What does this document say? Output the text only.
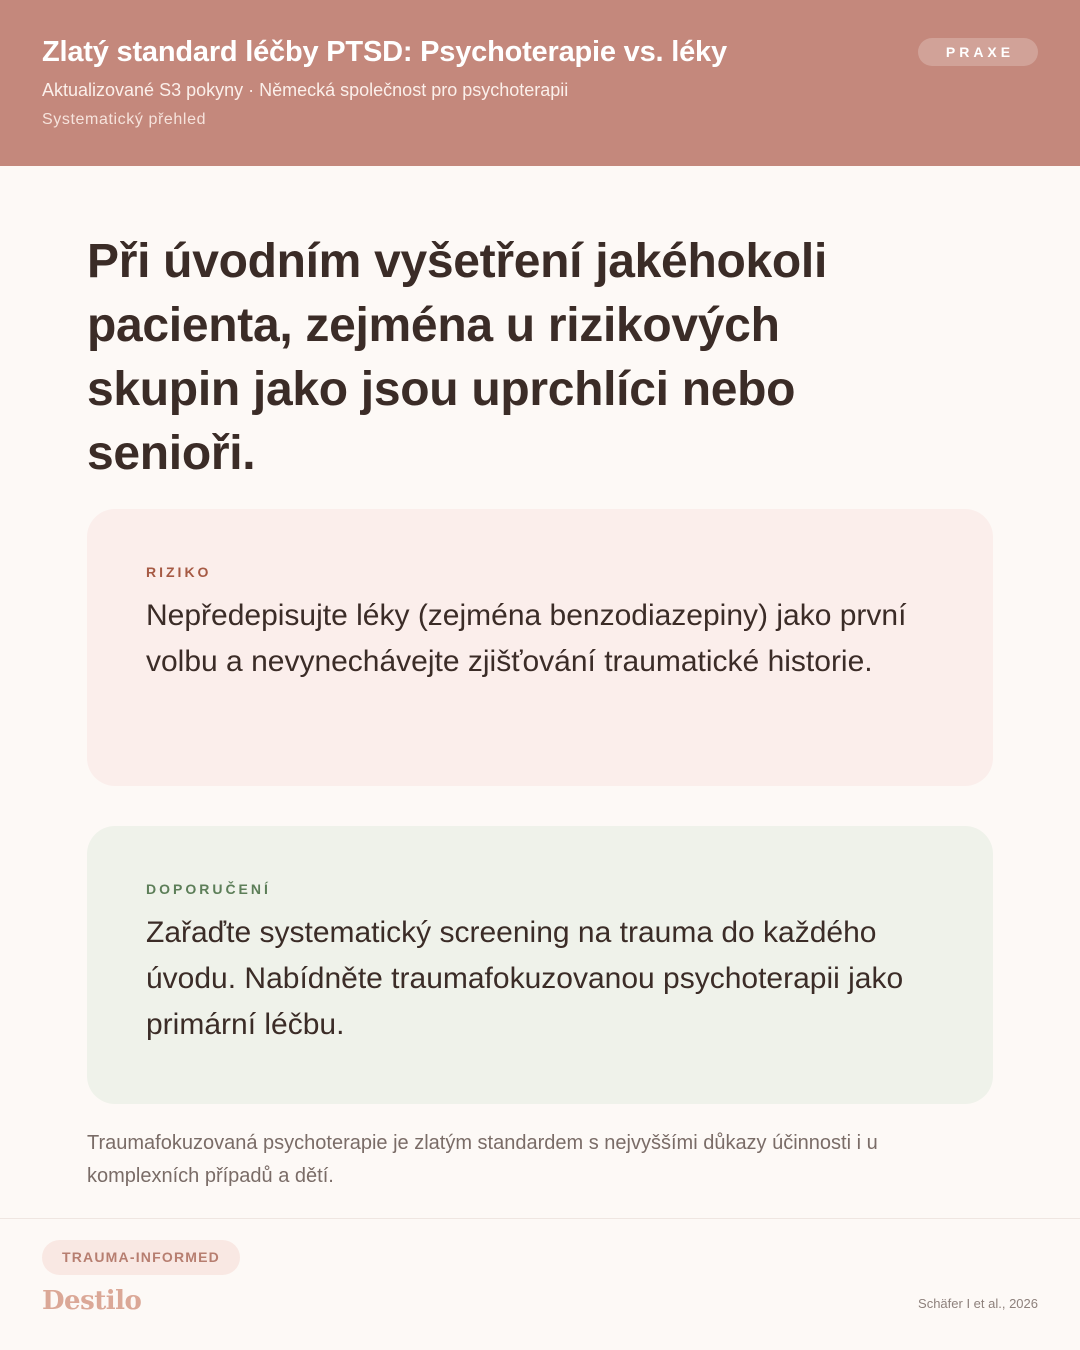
Zlatý standard léčby PTSD: Psychoterapie vs. léky
Aktualizované S3 pokyny · Německá společnost pro psychoterapii
Systematický přehled
PRAXE
Při úvodním vyšetření jakéhokoli pacienta, zejména u rizikových skupin jako jsou uprchlíci nebo senioři.
RIZIKO
Nepředepisujte léky (zejména benzodiazepiny) jako první volbu a nevynechávejte zjišťování traumatické historie.
DOPORUČENÍ
Zařaďte systematický screening na trauma do každého úvodu. Nabídněte traumafokuzovanou psychoterapii jako primární léčbu.
Traumafokuzovaná psychoterapie je zlatým standardem s nejvyššími důkazy účinnosti i u komplexních případů a dětí.
TRAUMA-INFORMED
Destilo	Schäfer I et al., 2026
